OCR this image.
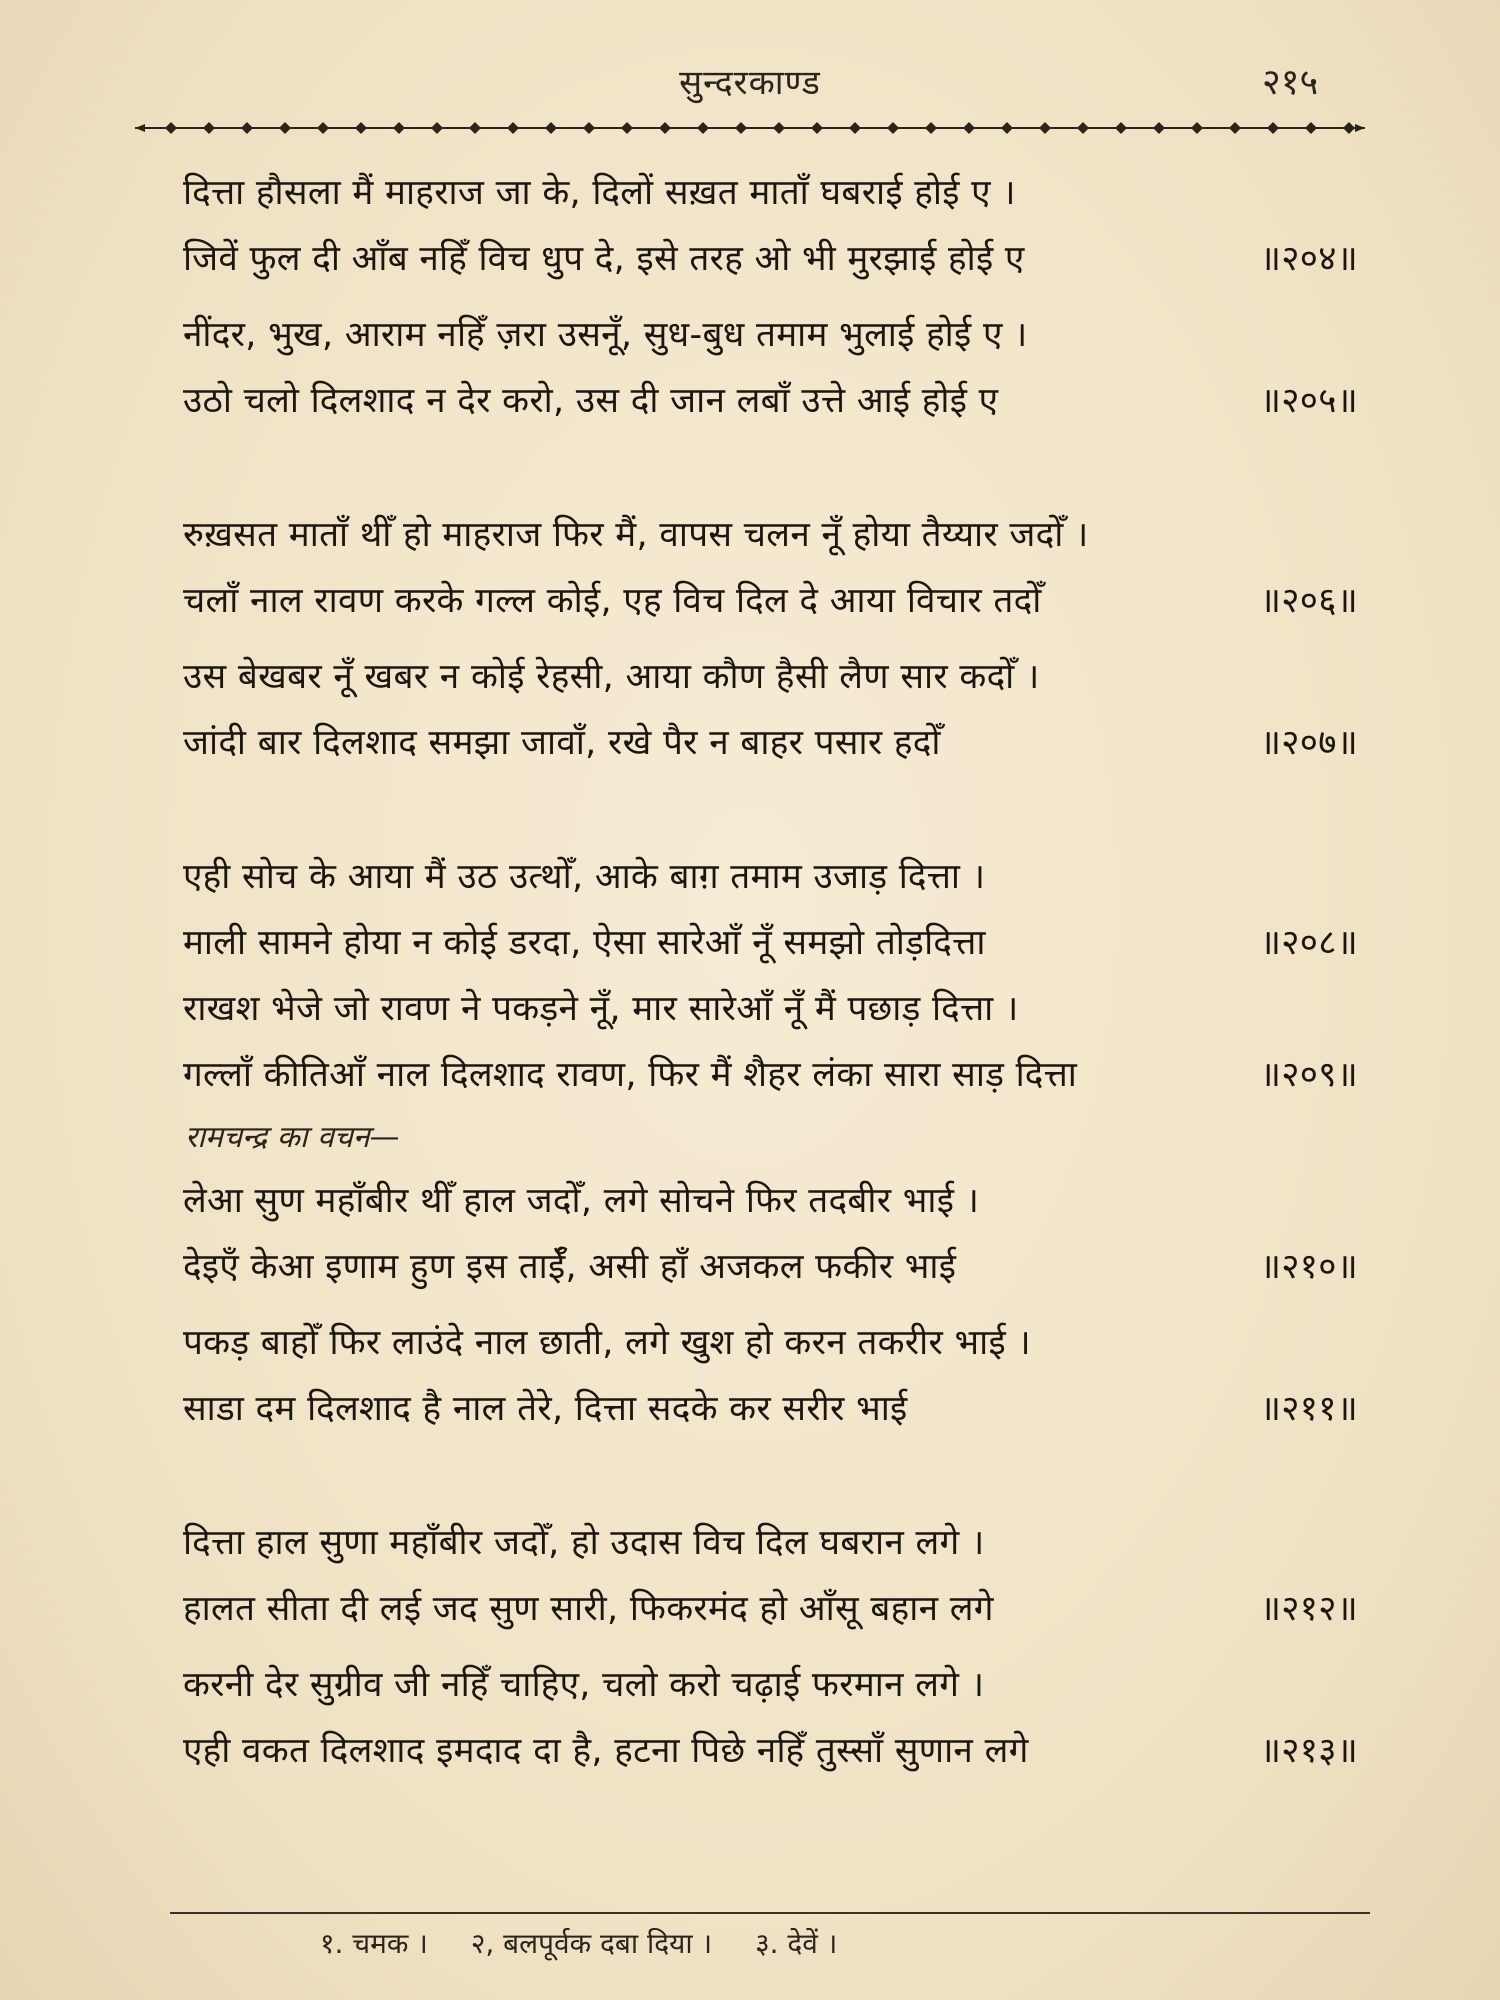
सुन्दरकाण्ड	२१५
दित्ता हौसला मैं माहराज जा के, दिलों सख़त माताँ घबराई होई ए ।
जिवें फुल दी आँब नहिँ विच धुप दे, इसे तरह ओ भी मुरझाई होई ए	॥२०४॥
नींदर, भुख, आराम नहिँ ज़रा उसनूँ, सुध-बुध तमाम भुलाई होई ए ।
उठो चलो दिलशाद न देर करो, उस दी जान लबाँ उत्ते आई होई ए	॥२०५॥
रुख़सत माताँ थीँ हो माहराज फिर मैं, वापस चलन नूँ होया तैय्यार जदोँ ।
चलाँ नाल रावण करके गल्ल कोई, एह विच दिल दे आया विचार तदोँ	॥२०६॥
उस बेखबर नूँ खबर न कोई रेहसी, आया कौण हैसी लैण सार कदोँ ।
जांदी बार दिलशाद समझा जावाँ, रखे पैर न बाहर पसार हदोँ	॥२०७॥
एही सोच के आया मैं उठ उत्थोँ, आके बाग़ तमाम उजाड़ दित्ता ।
माली सामने होया न कोई डरदा, ऐसा सारेआँ नूँ समझो तोड़दित्ता	॥२०८॥
राखश भेजे जो रावण ने पकड़ने नूँ, मार सारेआँ नूँ मैं पछाड़ दित्ता ।
गल्लाँ कीतिआँ नाल दिलशाद रावण, फिर मैं शैहर लंका सारा साड़ दित्ता	॥२०९॥
रामचन्द्र का वचन—
लेआ सुण महाँबीर थीँ हाल जदोँ, लगे सोचने फिर तदबीर भाई ।
देइएँ केआ इणाम हुण इस ताईँ, असी हाँ अजकल फकीर भाई	॥२१०॥
पकड़ बाहोँ फिर लाउंदे नाल छाती, लगे खुश हो करन तकरीर भाई ।
साडा दम दिलशाद है नाल तेरे, दित्ता सदके कर सरीर भाई	॥२११॥
दित्ता हाल सुणा महाँबीर जदोँ, हो उदास विच दिल घबरान लगे ।
हालत सीता दी लई जद सुण सारी, फिकरमंद हो आँसू बहान लगे	॥२१२॥
करनी देर सुग्रीव जी नहिँ चाहिए, चलो करो चढ़ाई फरमान लगे ।
एही वकत दिलशाद इमदाद दा है, हटना पिछे नहिँ तुस्साँ सुणान लगे	॥२१३॥
१. चमक । २, बलपूर्वक दबा दिया । ३. देवें ।
